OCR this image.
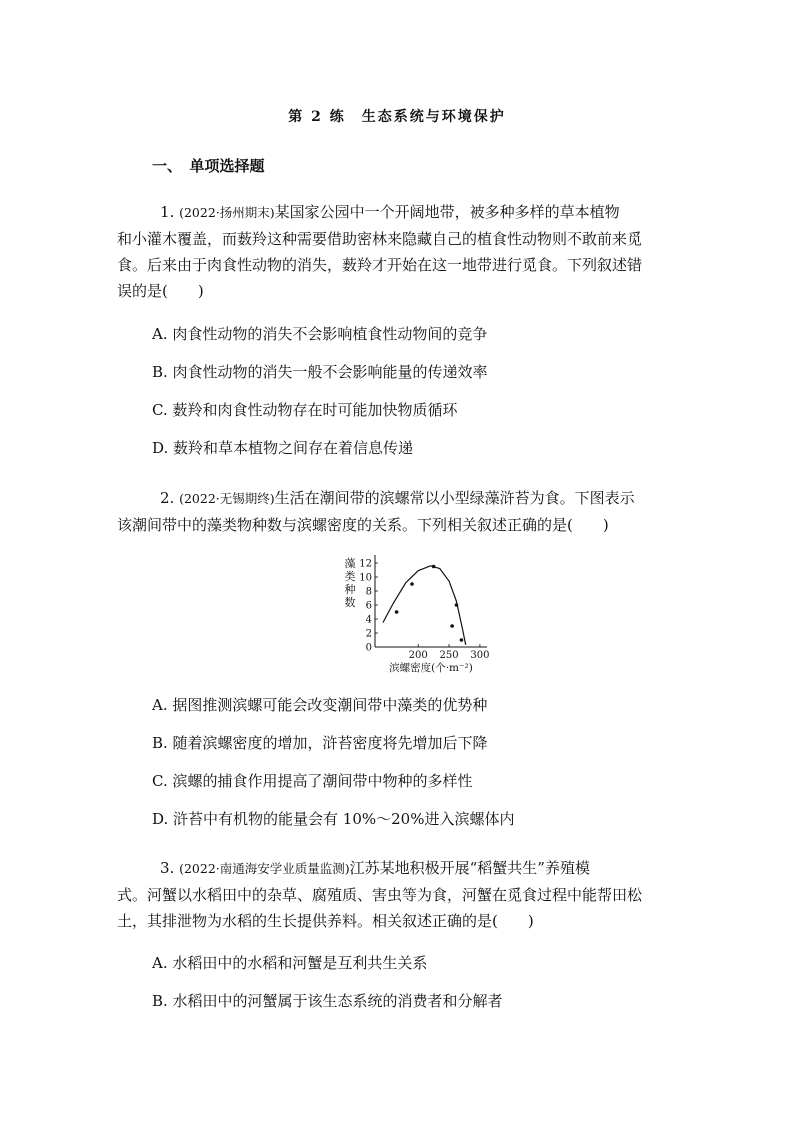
第 2 练　生态系统与环境保护
一、　单项选择题
1. (2022·扬州期末)某国家公园中一个开阔地带，被多种多样的草本植物
和小灌木覆盖，而薮羚这种需要借助密林来隐藏自己的植食性动物则不敢前来觅
食。后来由于肉食性动物的消失，薮羚才开始在这一地带进行觅食。下列叙述错
误的是(　　)
A. 肉食性动物的消失不会影响植食性动物间的竞争
B. 肉食性动物的消失一般不会影响能量的传递效率
C. 薮羚和肉食性动物存在时可能加快物质循环
D. 薮羚和草本植物之间存在着信息传递
2. (2022·无锡期终)生活在潮间带的滨螺常以小型绿藻浒苔为食。下图表示
该潮间带中的藻类物种数与滨螺密度的关系。下列相关叙述正确的是(　　)
0
2
4
6
8
10
12
200 250 300
藻
类
种
数
滨螺密度(个·m⁻²)
A. 据图推测滨螺可能会改变潮间带中藻类的优势种
B. 随着滨螺密度的增加，浒苔密度将先增加后下降
C. 滨螺的捕食作用提高了潮间带中物种的多样性
D. 浒苔中有机物的能量会有 10%～20%进入滨螺体内
3. (2022·南通海安学业质量监测)江苏某地积极开展“稻蟹共生”养殖模
式。河蟹以水稻田中的杂草、腐殖质、害虫等为食，河蟹在觅食过程中能帮田松
土，其排泄物为水稻的生长提供养料。相关叙述正确的是(　　)
A. 水稻田中的水稻和河蟹是互利共生关系
B. 水稻田中的河蟹属于该生态系统的消费者和分解者
